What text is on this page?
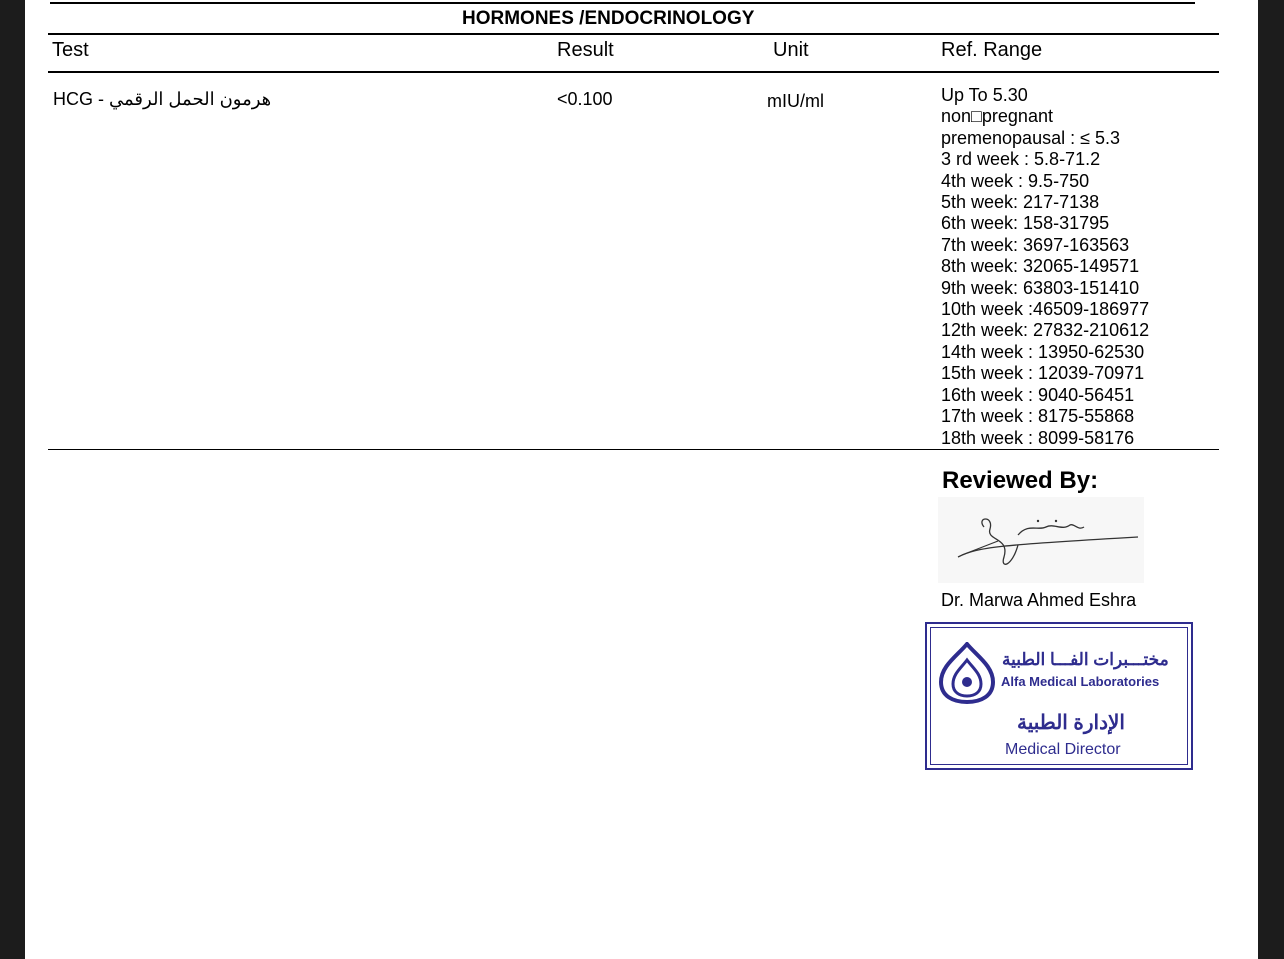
HORMONES /ENDOCRINOLOGY
Test	Result	Unit	Ref. Range
هرمون الحمل الرقمي - HCG	<0.100	mIU/ml	Up To 5.30
non□pregnant
premenopausal : ≤ 5.3
3 rd week : 5.8-71.2
4th week : 9.5-750
5th week: 217-7138
6th week: 158-31795
7th week: 3697-163563
8th week: 32065-149571
9th week: 63803-151410
10th week :46509-186977
12th week: 27832-210612
14th week : 13950-62530
15th week : 12039-70971
16th week : 9040-56451
17th week : 8175-55868
18th week : 8099-58176
Reviewed By:
Dr. Marwa Ahmed Eshra
مختـــبرات الفـــا الطبية
Alfa Medical Laboratories
الإدارة الطبية
Medical Director
